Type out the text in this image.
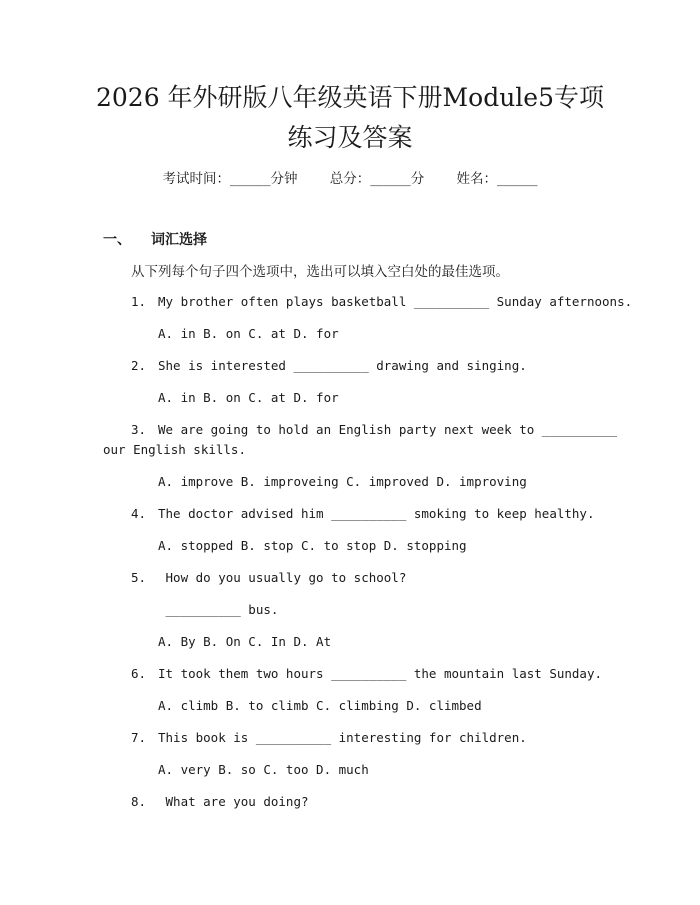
2026 年外研版八年级英语下册Module5专项
练习及答案
考试时间：______分钟 总分：______分 姓名：______
一、 词汇选择
从下列每个句子四个选项中，选出可以填入空白处的最佳选项。
1. My brother often plays basketball __________ Sunday afternoons.
A. in B. on C. at D. for
2. She is interested __________ drawing and singing.
A. in B. on C. at D. for
3. We are going to hold an English party next week to __________
our English skills.
A. improve B. improveing C. improved D. improving
4. The doctor advised him __________ smoking to keep healthy.
A. stopped B. stop C. to stop D. stopping
5. How do you usually go to school?
__________ bus.
A. By B. On C. In D. At
6. It took them two hours __________ the mountain last Sunday.
A. climb B. to climb C. climbing D. climbed
7. This book is __________ interesting for children.
A. very B. so C. too D. much
8. What are you doing?
